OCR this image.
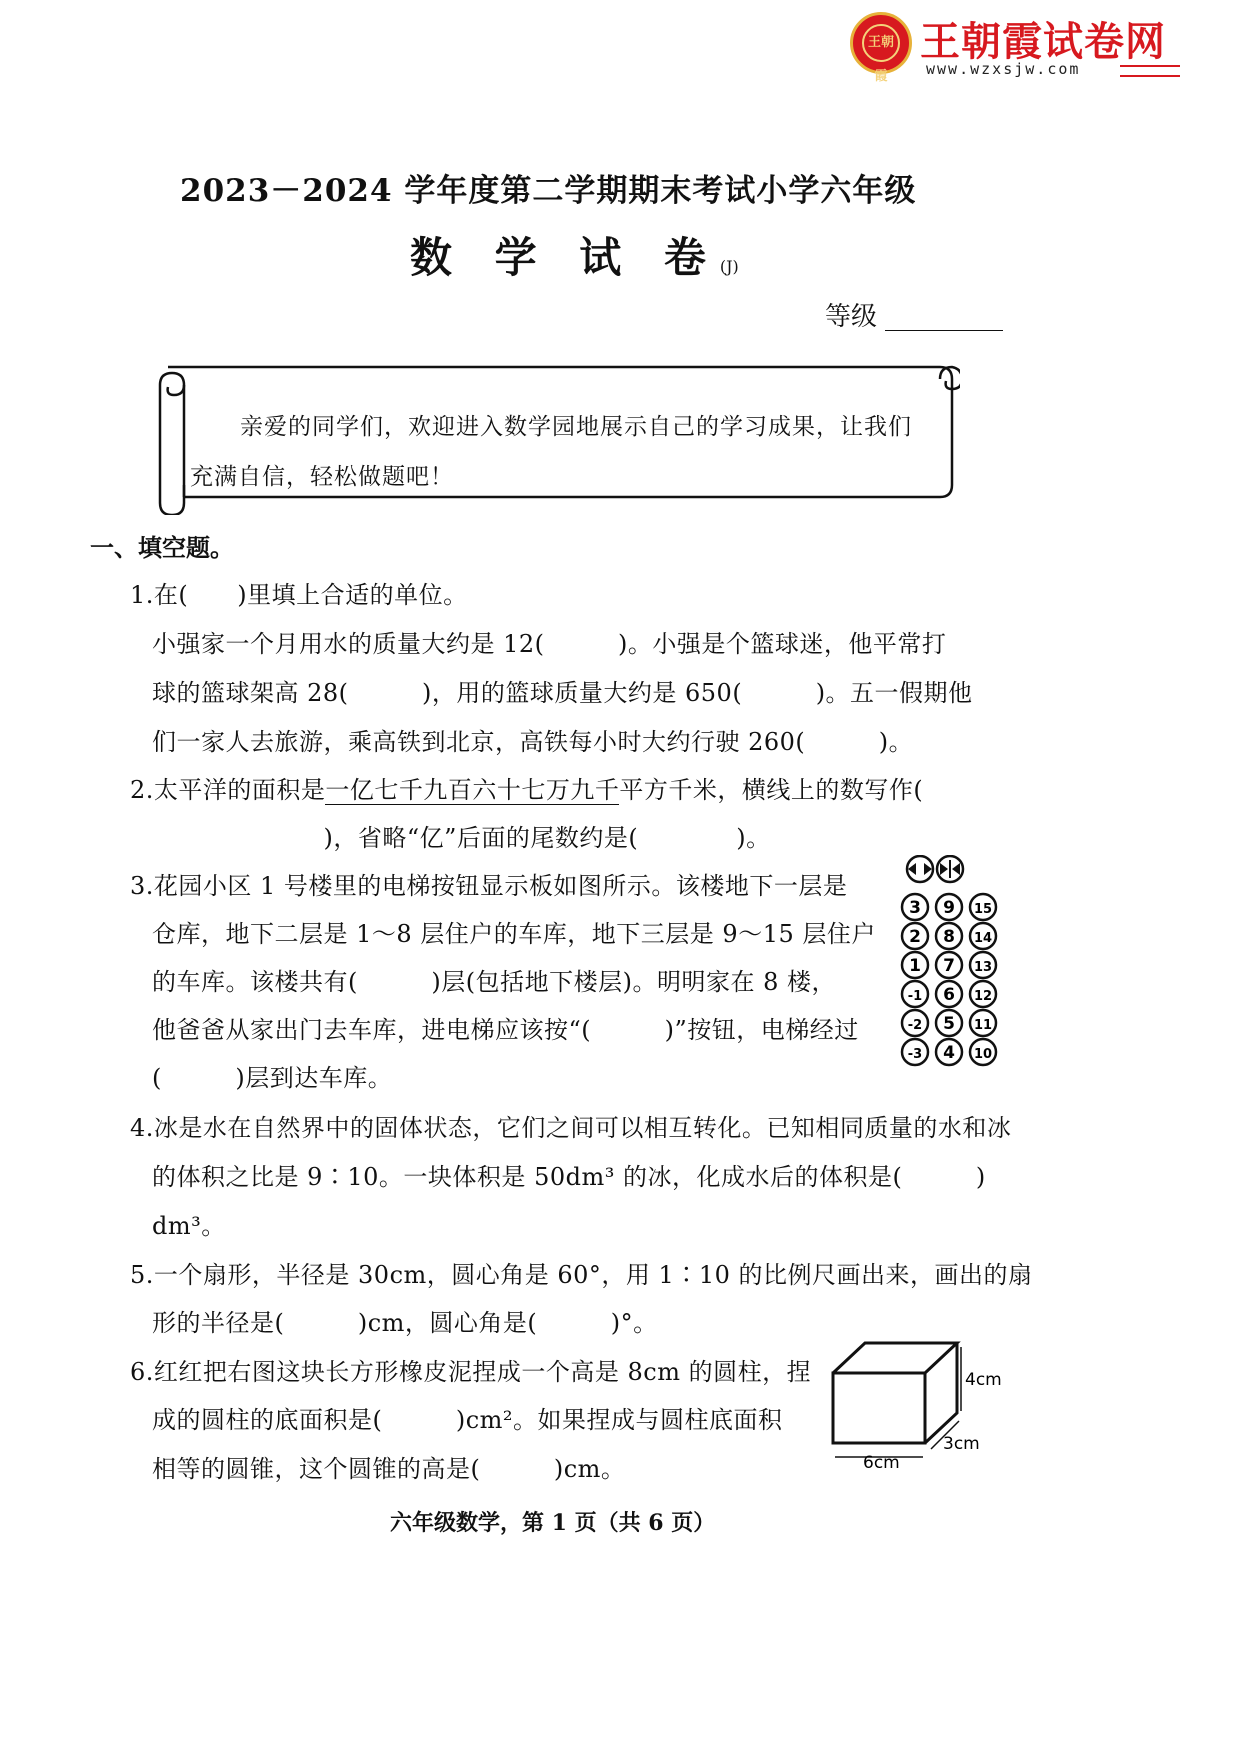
王朝霞
王朝霞试卷网
www.wzxsjw.com
2023－2024 学年度第二学期期末考试小学六年级
数 学 试 卷(J)
等级
亲爱的同学们，欢迎进入数学园地展示自己的学习成果，让我们
充满自信，轻松做题吧！
一、填空题。
1.在(　　)里填上合适的单位。
小强家一个月用水的质量大约是 12(　　　)。小强是个篮球迷，他平常打
球的篮球架高 28(　　　)，用的篮球质量大约是 650(　　　)。五一假期他
们一家人去旅游，乘高铁到北京，高铁每小时大约行驶 260(　　　)。
2.太平洋的面积是一亿七千九百六十七万九千平方千米，横线上的数写作(
　　　　　　　)，省略“亿”后面的尾数约是(　　　　)。
3.花园小区 1 号楼里的电梯按钮显示板如图所示。该楼地下一层是
仓库，地下二层是 1～8 层住户的车库，地下三层是 9～15 层住户
的车库。该楼共有(　　　)层(包括地下楼层)。明明家在 8 楼，
他爸爸从家出门去车库，进电梯应该按“(　　　)”按钮，电梯经过
(　　　)层到达车库。
3 9 15
2 8 14
1 7 13
-1 6 12
-2 5 11
-3 4 10
4.冰是水在自然界中的固体状态，它们之间可以相互转化。已知相同质量的水和冰
的体积之比是 9∶10。一块体积是 50dm³ 的冰，化成水后的体积是(　　　)
dm³。
5.一个扇形，半径是 30cm，圆心角是 60°，用 1∶10 的比例尺画出来，画出的扇
形的半径是(　　　)cm，圆心角是(　　　)°。
6.红红把右图这块长方形橡皮泥捏成一个高是 8cm 的圆柱，捏
成的圆柱的底面积是(　　　)cm²。如果捏成与圆柱底面积
相等的圆锥，这个圆锥的高是(　　　)cm。
4cm
3cm
6cm
六年级数学，第 1 页（共 6 页）
